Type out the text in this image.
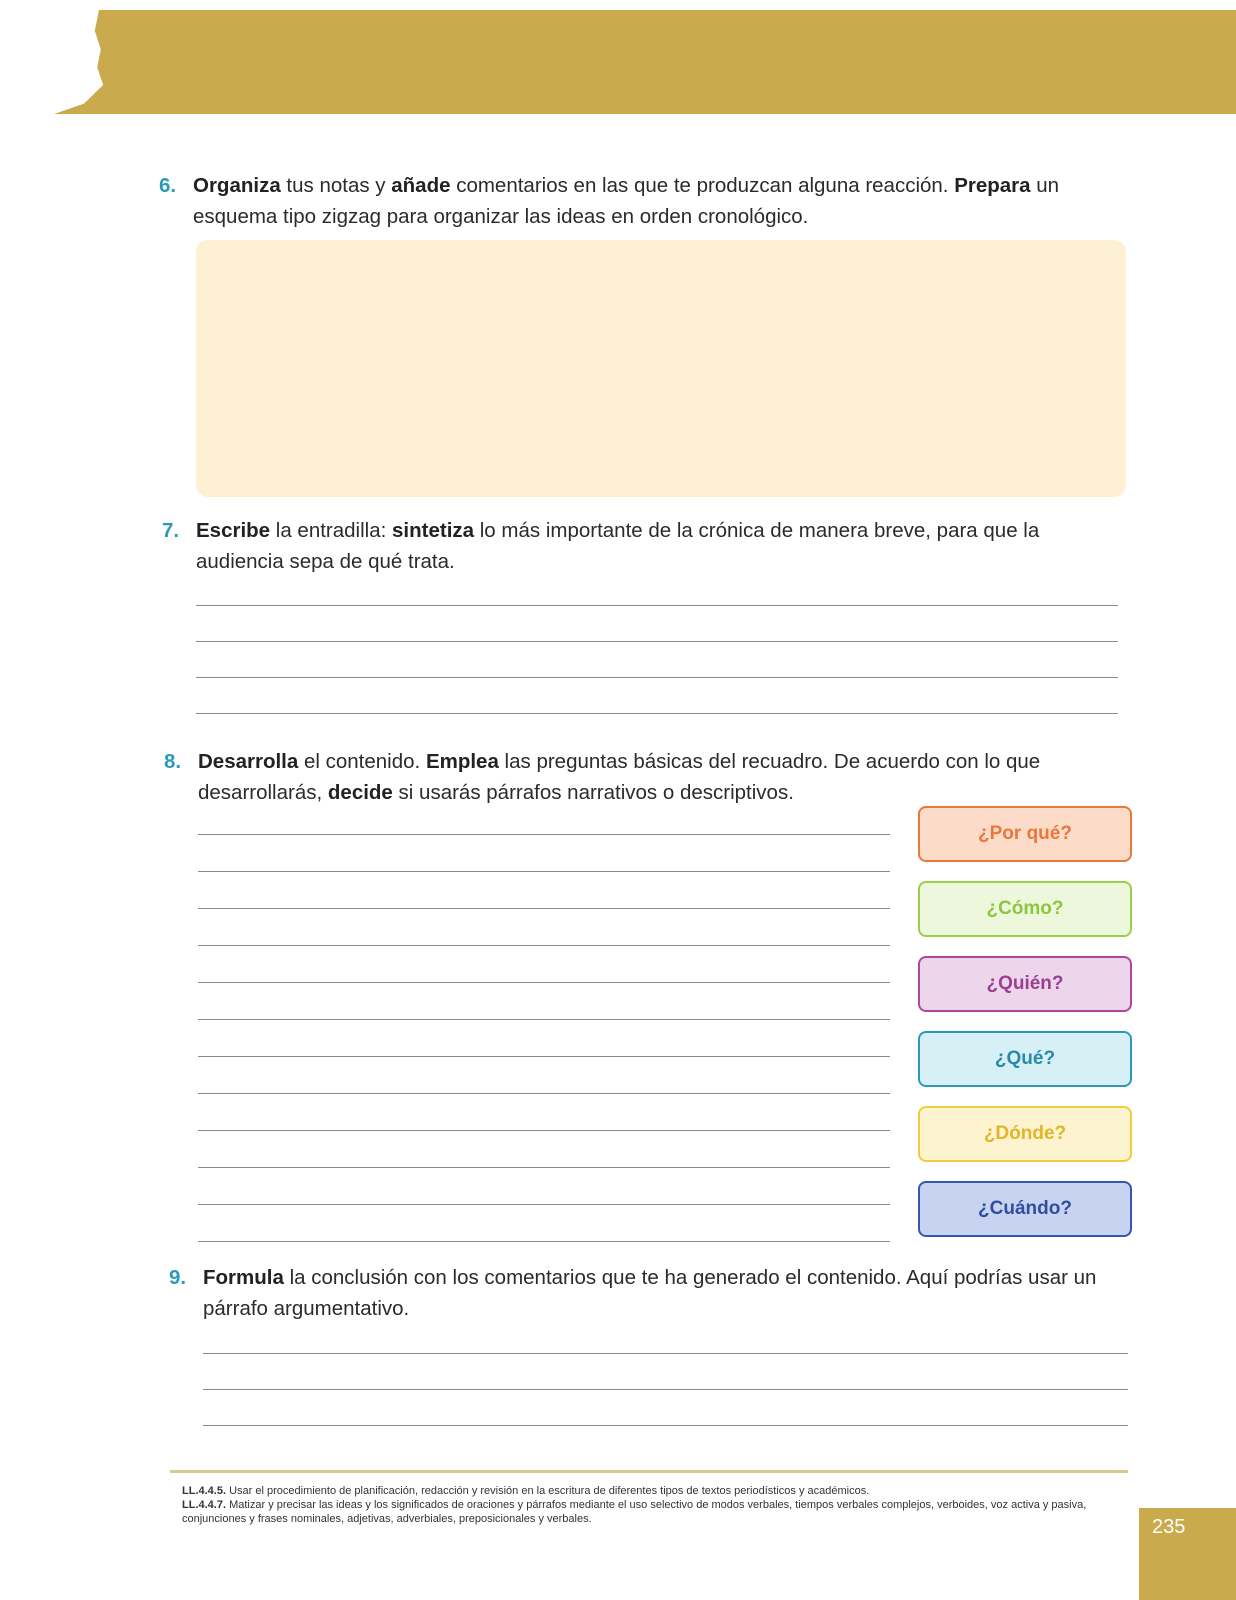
6. Organiza tus notas y añade comentarios en las que te produzcan alguna reacción. Prepara un esquema tipo zigzag para organizar las ideas en orden cronológico.
7. Escribe la entradilla: sintetiza lo más importante de la crónica de manera breve, para que la audiencia sepa de qué trata.
8. Desarrolla el contenido. Emplea las preguntas básicas del recuadro. De acuerdo con lo que desarrollarás, decide si usarás párrafos narrativos o descriptivos.
¿Por qué?
¿Cómo?
¿Quién?
¿Qué?
¿Dónde?
¿Cuándo?
9. Formula la conclusión con los comentarios que te ha generado el contenido. Aquí podrías usar un párrafo argumentativo.
LL.4.4.5. Usar el procedimiento de planificación, redacción y revisión en la escritura de diferentes tipos de textos periodísticos y académicos.
LL.4.4.7. Matizar y precisar las ideas y los significados de oraciones y párrafos mediante el uso selectivo de modos verbales, tiempos verbales complejos, verboides, voz activa y pasiva, conjunciones y frases nominales, adjetivas, adverbiales, preposicionales y verbales.	235
